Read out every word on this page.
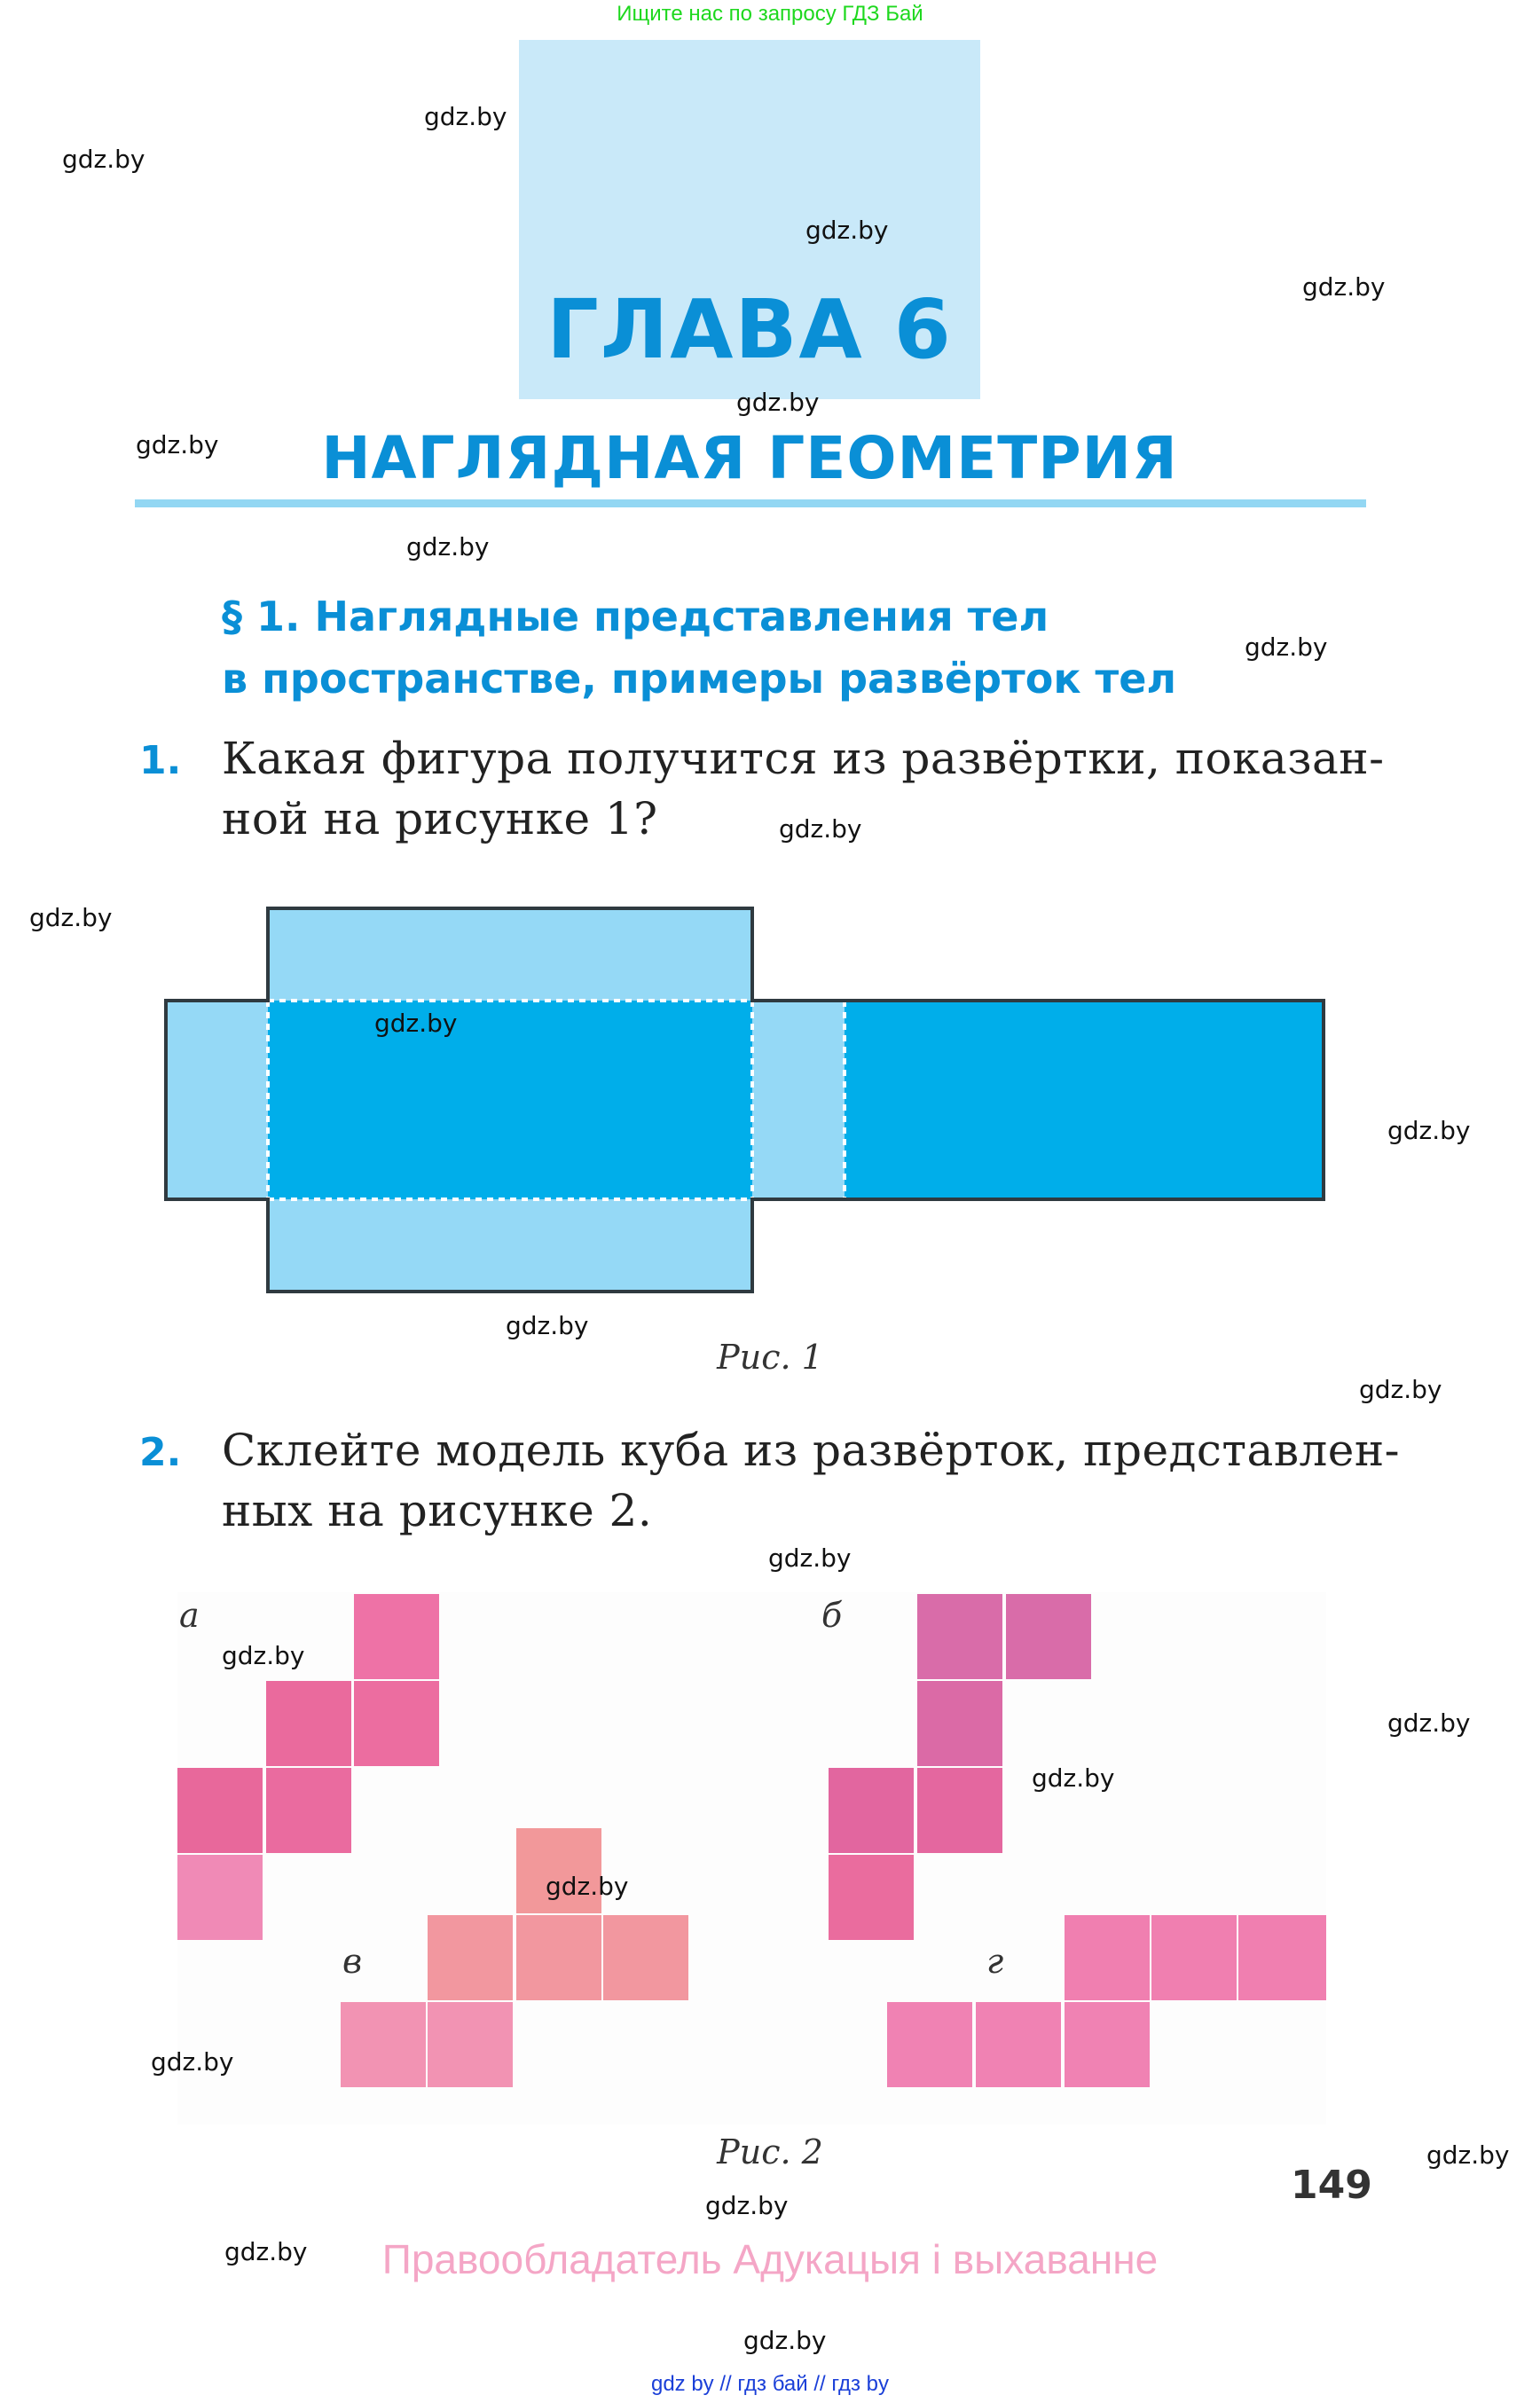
Ищите нас по запросу ГДЗ Бай
ГЛАВА 6
НАГЛЯДНАЯ ГЕОМЕТРИЯ
§ 1. Наглядные представления тел
в пространстве, примеры развёрток тел
1. Какая фигура получится из развёртки, показан-
ной на рисунке 1?
Рис. 1
2. Склейте модель куба из развёрток, представлен-
ных на рисунке 2.
а	б
в	г
Рис. 2
149
Правообладатель Адукацыя і выхаванне
gdz by // гдз бай // гдз by
gdz.by
gdz.by
gdz.by
gdz.by
gdz.by
gdz.by
gdz.by
gdz.by
gdz.by
gdz.by
gdz.by
gdz.by
gdz.by
gdz.by
gdz.by
gdz.by
gdz.by
gdz.by
gdz.by
gdz.by
gdz.by
gdz.by
gdz.by
gdz.by
